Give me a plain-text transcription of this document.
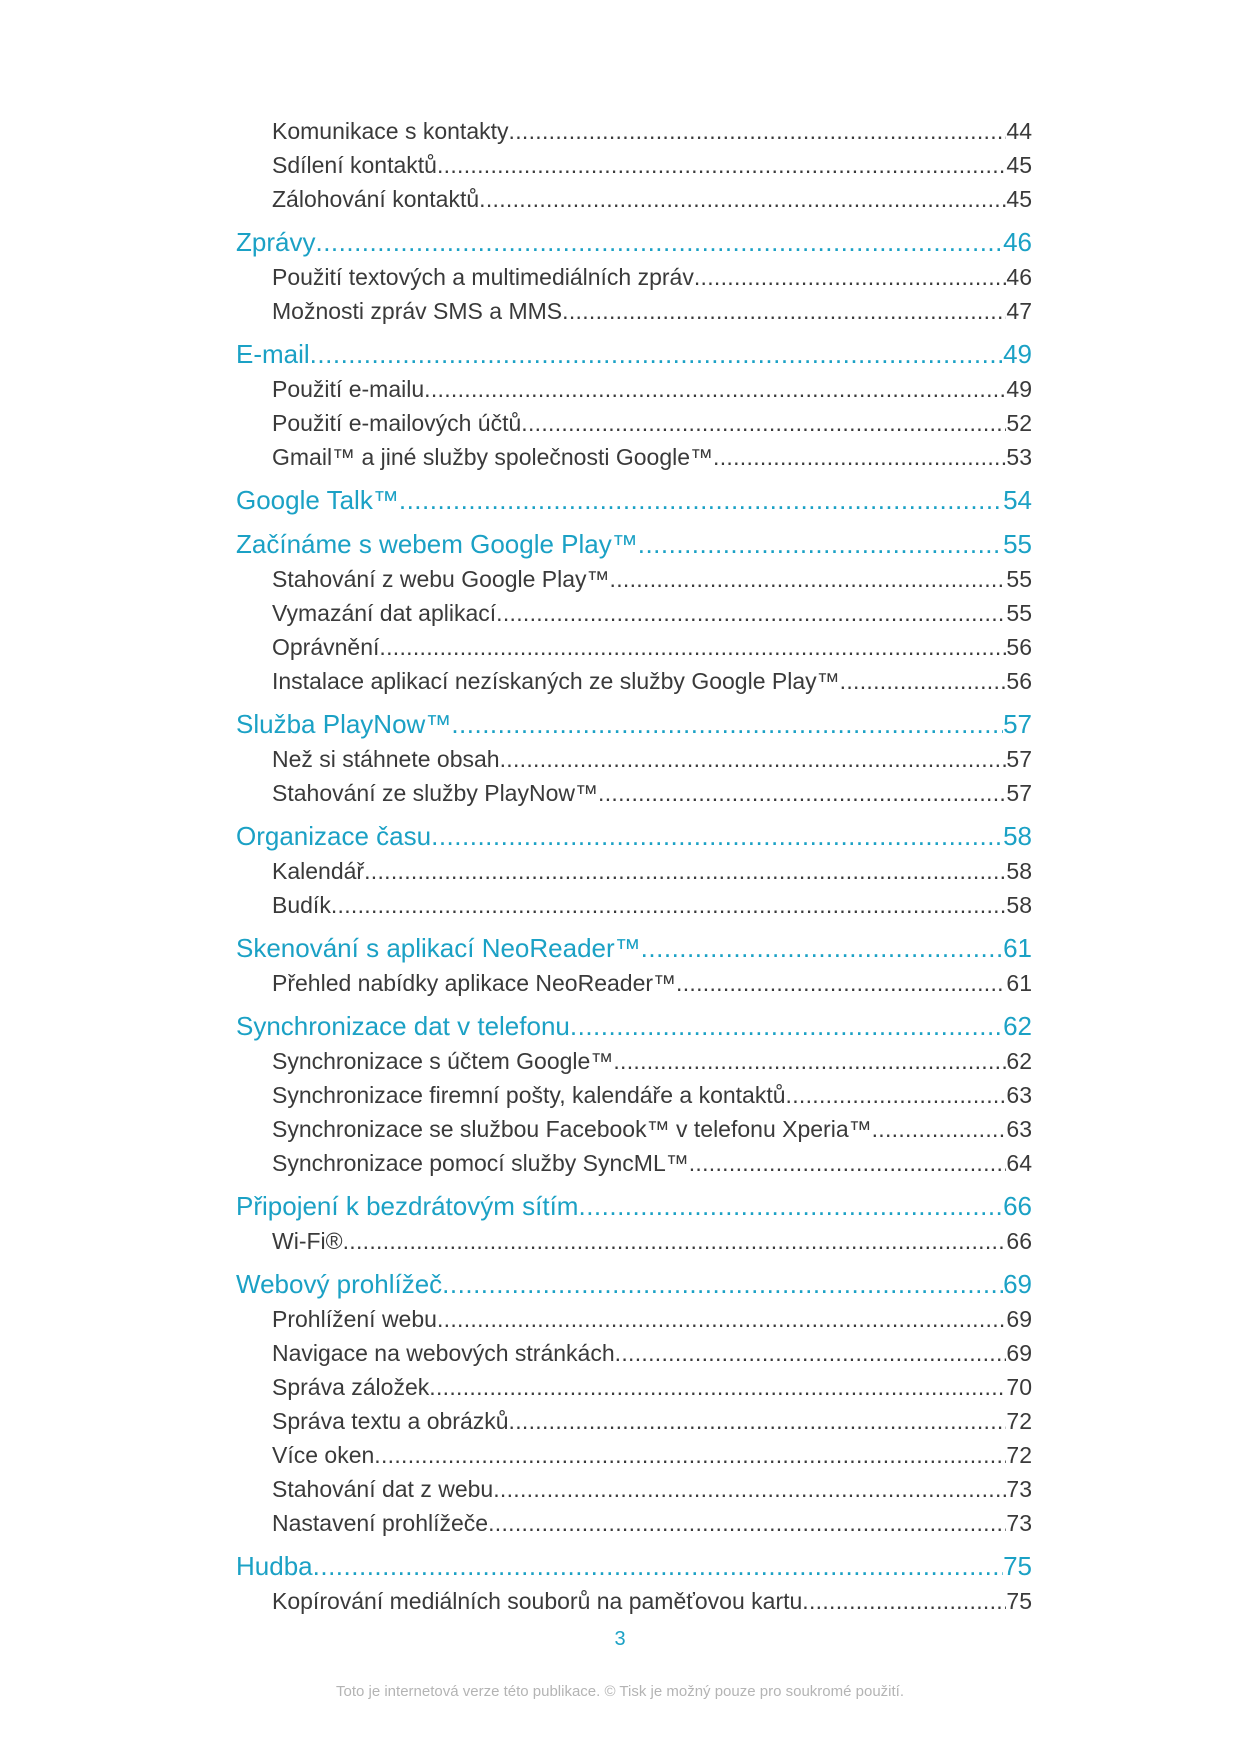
Komunikace s kontakty .....	44
Sdílení kontaktů .....	45
Zálohování kontaktů .....	45
Zprávy .....	46
Použití textových a multimediálních zpráv .....	46
Možnosti zpráv SMS a MMS .....	47
E-mail .....	49
Použití e-mailu .....	49
Použití e-mailových účtů .....	52
Gmail™ a jiné služby společnosti Google™ .....	53
Google Talk™ .....	54
Začínáme s webem Google Play™ .....	55
Stahování z webu Google Play™ .....	55
Vymazání dat aplikací .....	55
Oprávnění .....	56
Instalace aplikací nezískaných ze služby Google Play™ .....	56
Služba PlayNow™ .....	57
Než si stáhnete obsah .....	57
Stahování ze služby PlayNow™ .....	57
Organizace času .....	58
Kalendář .....	58
Budík .....	58
Skenování s aplikací NeoReader™ .....	61
Přehled nabídky aplikace NeoReader™ .....	61
Synchronizace dat v telefonu .....	62
Synchronizace s účtem Google™ .....	62
Synchronizace firemní pošty, kalendáře a kontaktů .....	63
Synchronizace se službou Facebook™ v telefonu Xperia™ .....	63
Synchronizace pomocí služby SyncML™ .....	64
Připojení k bezdrátovým sítím .....	66
Wi-Fi® .....	66
Webový prohlížeč .....	69
Prohlížení webu .....	69
Navigace na webových stránkách .....	69
Správa záložek .....	70
Správa textu a obrázků .....	72
Více oken .....	72
Stahování dat z webu .....	73
Nastavení prohlížeče .....	73
Hudba .....	75
Kopírování mediálních souborů na paměťovou kartu .....	75
3
Toto je internetová verze této publikace. © Tisk je možný pouze pro soukromé použití.
